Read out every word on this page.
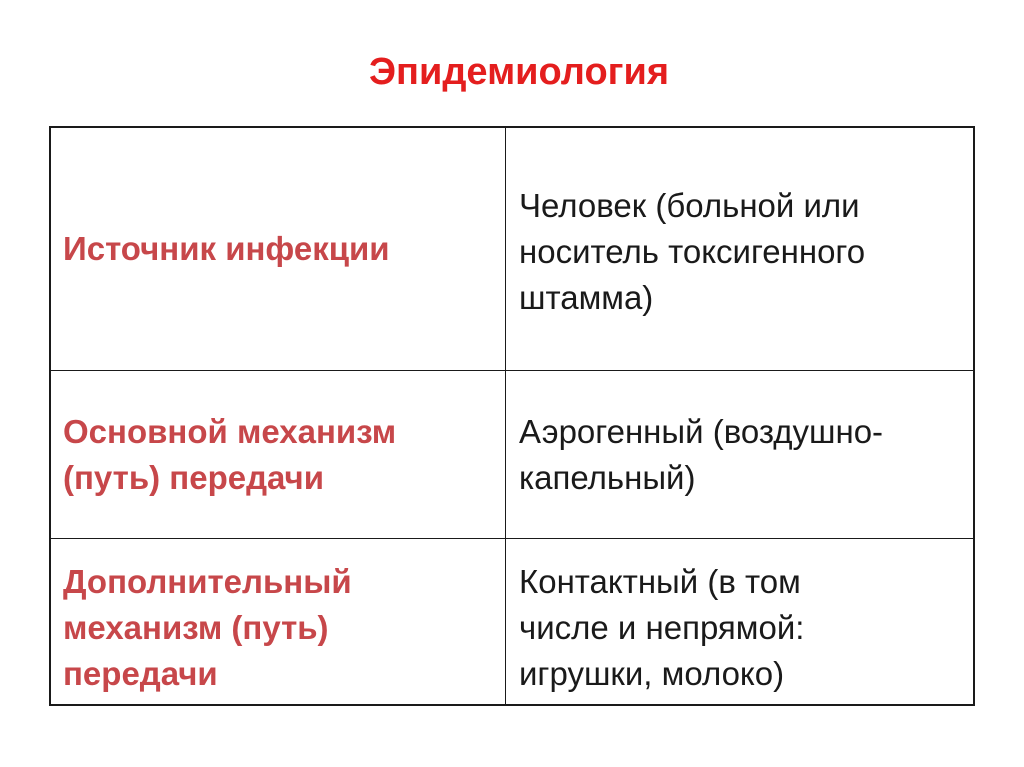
Эпидемиология
Источник инфекции
Человек (больной или
носитель токсигенного
штамма)
Основной механизм
(путь) передачи
Аэрогенный (воздушно-
капельный)
Дополнительный
механизм (путь)
передачи
Контактный (в том
числе и непрямой:
игрушки, молоко)
